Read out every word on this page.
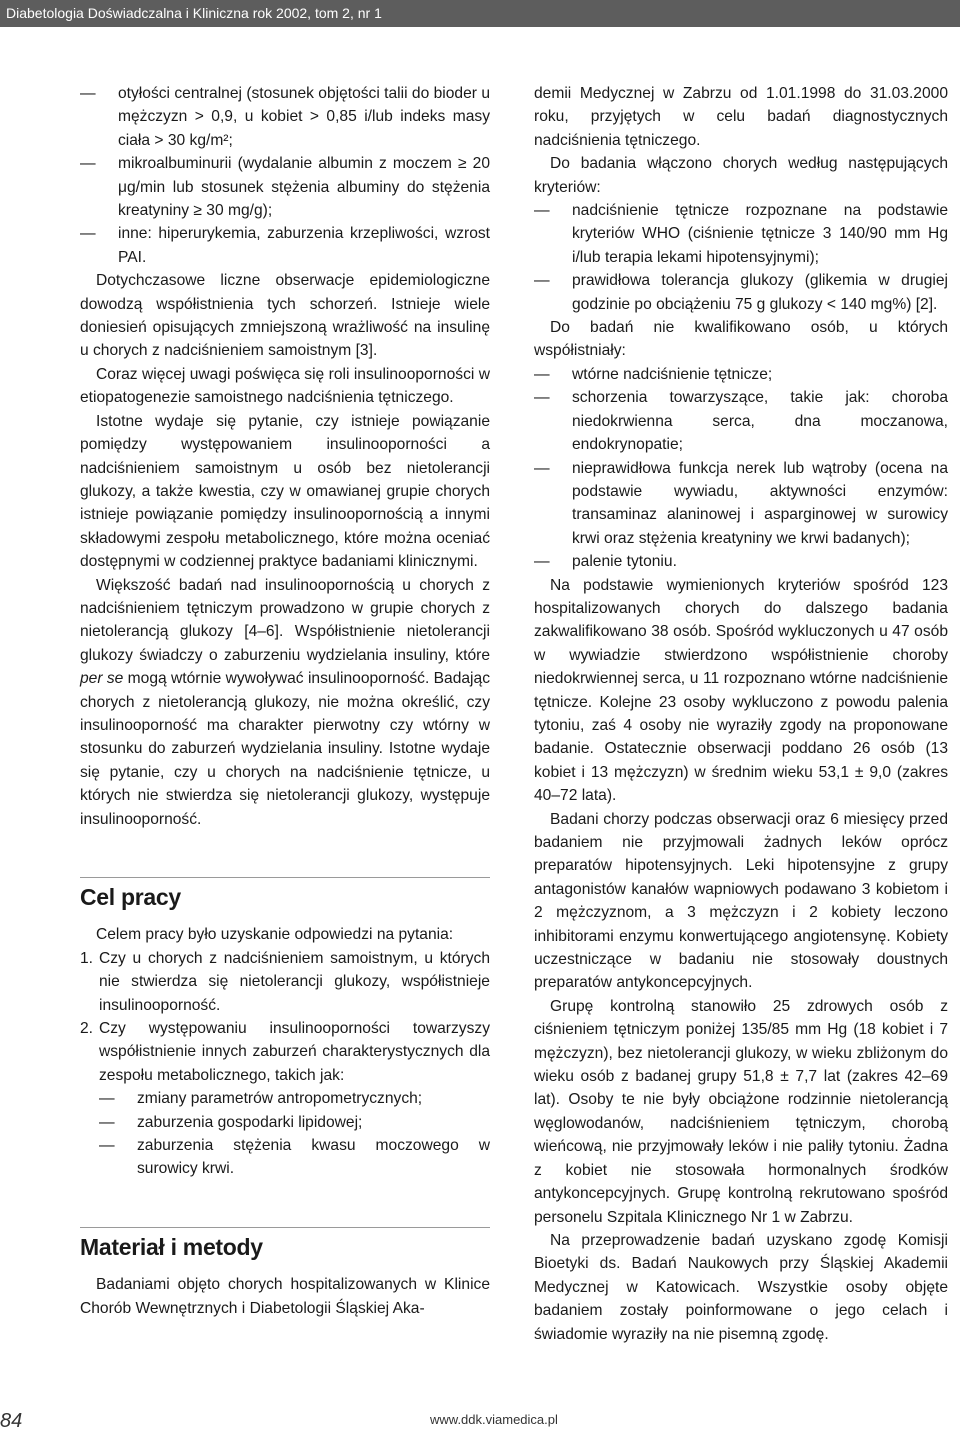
Diabetologia Doświadczalna i Kliniczna rok 2002, tom 2, nr 1

— otyłości centralnej (stosunek objętości talii do bioder u mężczyzn > 0,9, u kobiet > 0,85 i/lub indeks masy ciała > 30 kg/m²;

— mikroalbuminurii (wydalanie albumin z moczem ≥ 20 μg/min lub stosunek stężenia albuminy do stężenia kreatyniny ≥ 30 mg/g);

— inne: hiperurykemia, zaburzenia krzepliwości, wzrost PAI.

Dotychczasowe liczne obserwacje epidemiologiczne dowodzą współistnienia tych schorzeń. Istnieje wiele doniesień opisujących zmniejszoną wrażliwość na insulinę u chorych z nadciśnieniem samoistnym [3].

Coraz więcej uwagi poświęca się roli insulinooporności w etiopatogenezie samoistnego nadciśnienia tętniczego.

Istotne wydaje się pytanie, czy istnieje powiązanie pomiędzy występowaniem insulinooporności a nadciśnieniem samoistnym u osób bez nietolerancji glukozy, a także kwestia, czy w omawianej grupie chorych istnieje powiązanie pomiędzy insulinoopornością a innymi składowymi zespołu metabolicznego, które można oceniać dostępnymi w codziennej praktyce badaniami klinicznymi.

Większość badań nad insulinoopornością u chorych z nadciśnieniem tętniczym prowadzono w grupie chorych z nietolerancją glukozy [4–6]. Współistnienie nietolerancji glukozy świadczy o zaburzeniu wydzielania insuliny, które per se mogą wtórnie wywoływać insulinooporność. Badając chorych z nietolerancją glukozy, nie można określić, czy insulinooporność ma charakter pierwotny czy wtórny w stosunku do zaburzeń wydzielania insuliny. Istotne wydaje się pytanie, czy u chorych na nadciśnienie tętnicze, u których nie stwierdza się nietolerancji glukozy, występuje insulinooporność.

Cel pracy

Celem pracy było uzyskanie odpowiedzi na pytania:

1. Czy u chorych z nadciśnieniem samoistnym, u których nie stwierdza się nietolerancji glukozy, współistnieje insulinooporność.

2. Czy występowaniu insulinooporności towarzyszy współistnienie innych zaburzeń charakterystycznych dla zespołu metabolicznego, takich jak:

— zmiany parametrów antropometrycznych;

— zaburzenia gospodarki lipidowej;

— zaburzenia stężenia kwasu moczowego w surowicy krwi.

Materiał i metody

Badaniami objęto chorych hospitalizowanych w Klinice Chorób Wewnętrznych i Diabetologii Śląskiej Aka-

demii Medycznej w Zabrzu od 1.01.1998 do 31.03.2000 roku, przyjętych w celu badań diagnostycznych nadciśnienia tętniczego.

Do badania włączono chorych według następujących kryteriów:

— nadciśnienie tętnicze rozpoznane na podstawie kryteriów WHO (ciśnienie tętnicze 3 140/90 mm Hg i/lub terapia lekami hipotensyjnymi);

— prawidłowa tolerancja glukozy (glikemia w drugiej godzinie po obciążeniu 75 g glukozy < 140 mg%) [2].

Do badań nie kwalifikowano osób, u których współistniały:

— wtórne nadciśnienie tętnicze;

— schorzenia towarzyszące, takie jak: choroba niedokrwienna serca, dna moczanowa, endokrynopatie;

— nieprawidłowa funkcja nerek lub wątroby (ocena na podstawie wywiadu, aktywności enzymów: transaminaz alaninowej i asparginowej w surowicy krwi oraz stężenia kreatyniny we krwi badanych);

— palenie tytoniu.

Na podstawie wymienionych kryteriów spośród 123 hospitalizowanych chorych do dalszego badania zakwalifikowano 38 osób. Spośród wykluczonych u 47 osób w wywiadzie stwierdzono współistnienie choroby niedokrwiennej serca, u 11 rozpoznano wtórne nadciśnienie tętnicze. Kolejne 23 osoby wykluczono z powodu palenia tytoniu, zaś 4 osoby nie wyraziły zgody na proponowane badanie. Ostatecznie obserwacji poddano 26 osób (13 kobiet i 13 mężczyzn) w średnim wieku 53,1 ± 9,0 (zakres 40–72 lata).

Badani chorzy podczas obserwacji oraz 6 miesięcy przed badaniem nie przyjmowali żadnych leków oprócz preparatów hipotensyjnych. Leki hipotensyjne z grupy antagonistów kanałów wapniowych podawano 3 kobietom i 2 mężczyznom, a 3 mężczyzn i 2 kobiety leczono inhibitorami enzymu konwertującego angiotensynę. Kobiety uczestniczące w badaniu nie stosowały doustnych preparatów antykoncepcyjnych.

Grupę kontrolną stanowiło 25 zdrowych osób z ciśnieniem tętniczym poniżej 135/85 mm Hg (18 kobiet i 7 mężczyzn), bez nietolerancji glukozy, w wieku zbliżonym do wieku osób z badanej grupy 51,8 ± 7,7 lat (zakres 42–69 lat). Osoby te nie były obciążone rodzinnie nietolerancją węglowodanów, nadciśnieniem tętniczym, chorobą wieńcową, nie przyjmowały leków i nie paliły tytoniu. Żadna z kobiet nie stosowała hormonalnych środków antykoncepcyjnych. Grupę kontrolną rekrutowano spośród personelu Szpitala Klinicznego Nr 1 w Zabrzu.

Na przeprowadzenie badań uzyskano zgodę Komisji Bioetyki ds. Badań Naukowych przy Śląskiej Akademii Medycznej w Katowicach. Wszystkie osoby objęte badaniem zostały poinformowane o jego celach i świadomie wyraziły na nie pisemną zgodę.

84	www.ddk.viamedica.pl
